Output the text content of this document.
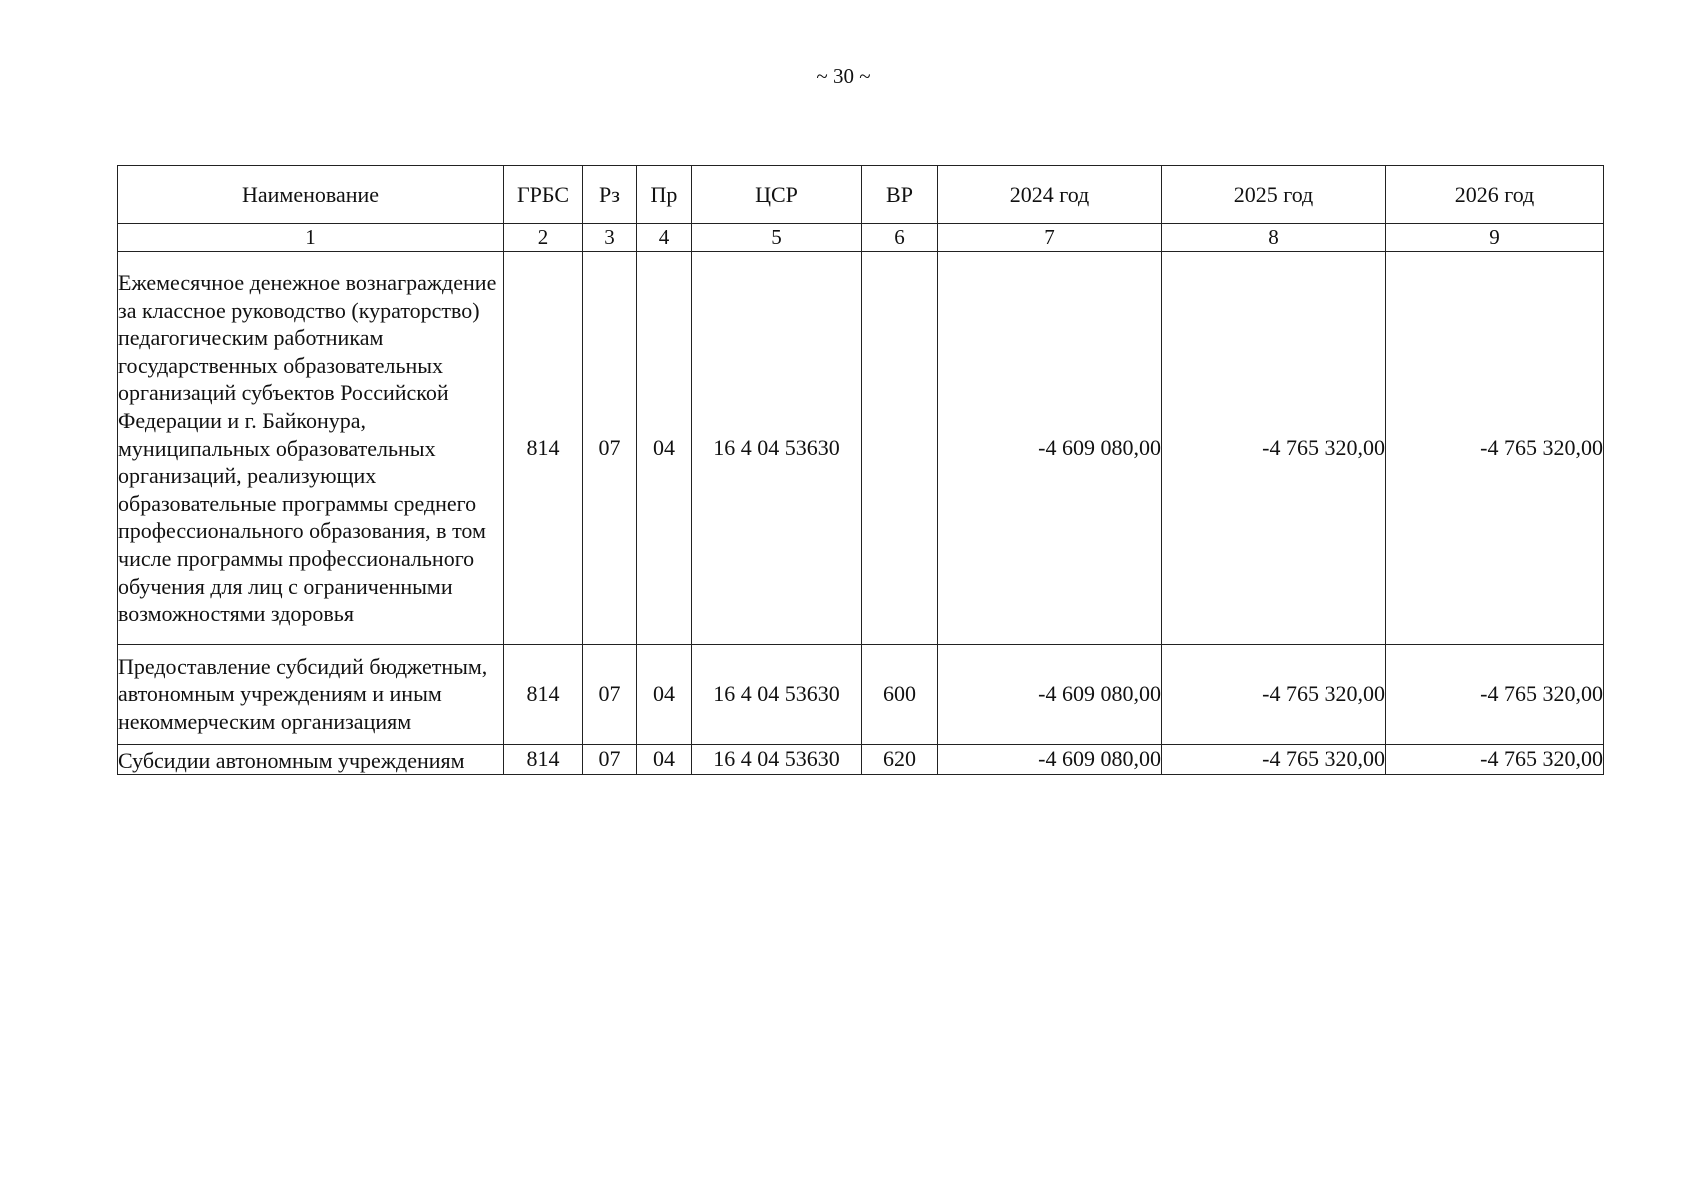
~ 30 ~
Наименование	ГРБС	Рз	Пр	ЦСР	ВР	2024 год	2025 год	2026 год
1	2	3	4	5	6	7	8	9
Ежемесячное денежное вознаграждение за классное руководство (кураторство) педагогическим работникам государственных образовательных организаций субъектов Российской Федерации и г. Байконура, муниципальных образовательных организаций, реализующих образовательные программы среднего профессионального образования, в том числе программы профессионального обучения для лиц с ограниченными возможностями здоровья	814	07	04	16 4 04 53630		-4 609 080,00	-4 765 320,00	-4 765 320,00
Предоставление субсидий бюджетным, автономным учреждениям и иным некоммерческим организациям	814	07	04	16 4 04 53630	600	-4 609 080,00	-4 765 320,00	-4 765 320,00
Субсидии автономным учреждениям	814	07	04	16 4 04 53630	620	-4 609 080,00	-4 765 320,00	-4 765 320,00
